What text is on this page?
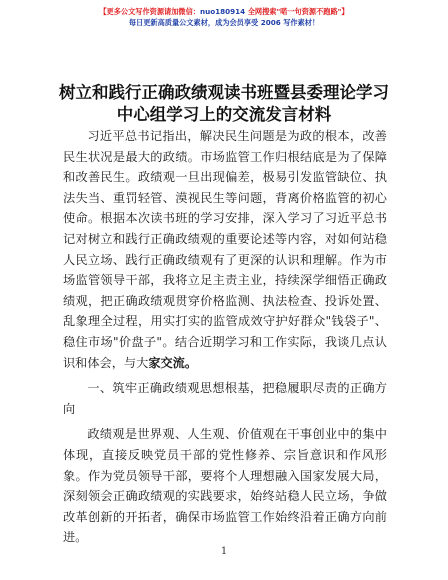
【更多公文写作资源请加微信：nuo180914 全网搜索"喏一句资源不跑路"】
每日更新高质量公文素材，成为会员享受 2006 写作素材！
树立和践行正确政绩观读书班暨县委理论学习
中心组学习上的交流发言材料

习近平总书记指出，解决民生问题是为政的根本，改善民生状况是最大的政绩。市场监管工作归根结底是为了保障和改善民生。政绩观一旦出现偏差，极易引发监管缺位、执法失当、重罚轻管、漠视民生等问题，背离价格监管的初心使命。根据本次读书班的学习安排，深入学习了习近平总书记对树立和践行正确政绩观的重要论述等内容，对如何站稳人民立场、践行正确政绩观有了更深的认识和理解。作为市场监管领导干部，我将立足主责主业，持续深学细悟正确政绩观，把正确政绩观贯穿价格监测、执法检查、投诉处置、乱象理全过程，用实打实的监管成效守护好群众"钱袋子"、稳住市场"价盘子"。结合近期学习和工作实际，我谈几点认识和体会，与大家交流。

一、筑牢正确政绩观思想根基，把稳履职尽责的正确方向

政绩观是世界观、人生观、价值观在干事创业中的集中体现，直接反映党员干部的党性修养、宗旨意识和作风形象。作为党员领导干部，要将个人理想融入国家发展大局，深刻领会正确政绩观的实践要求，始终站稳人民立场，争做改革创新的开拓者，确保市场监管工作始终沿着正确方向前进。

1
